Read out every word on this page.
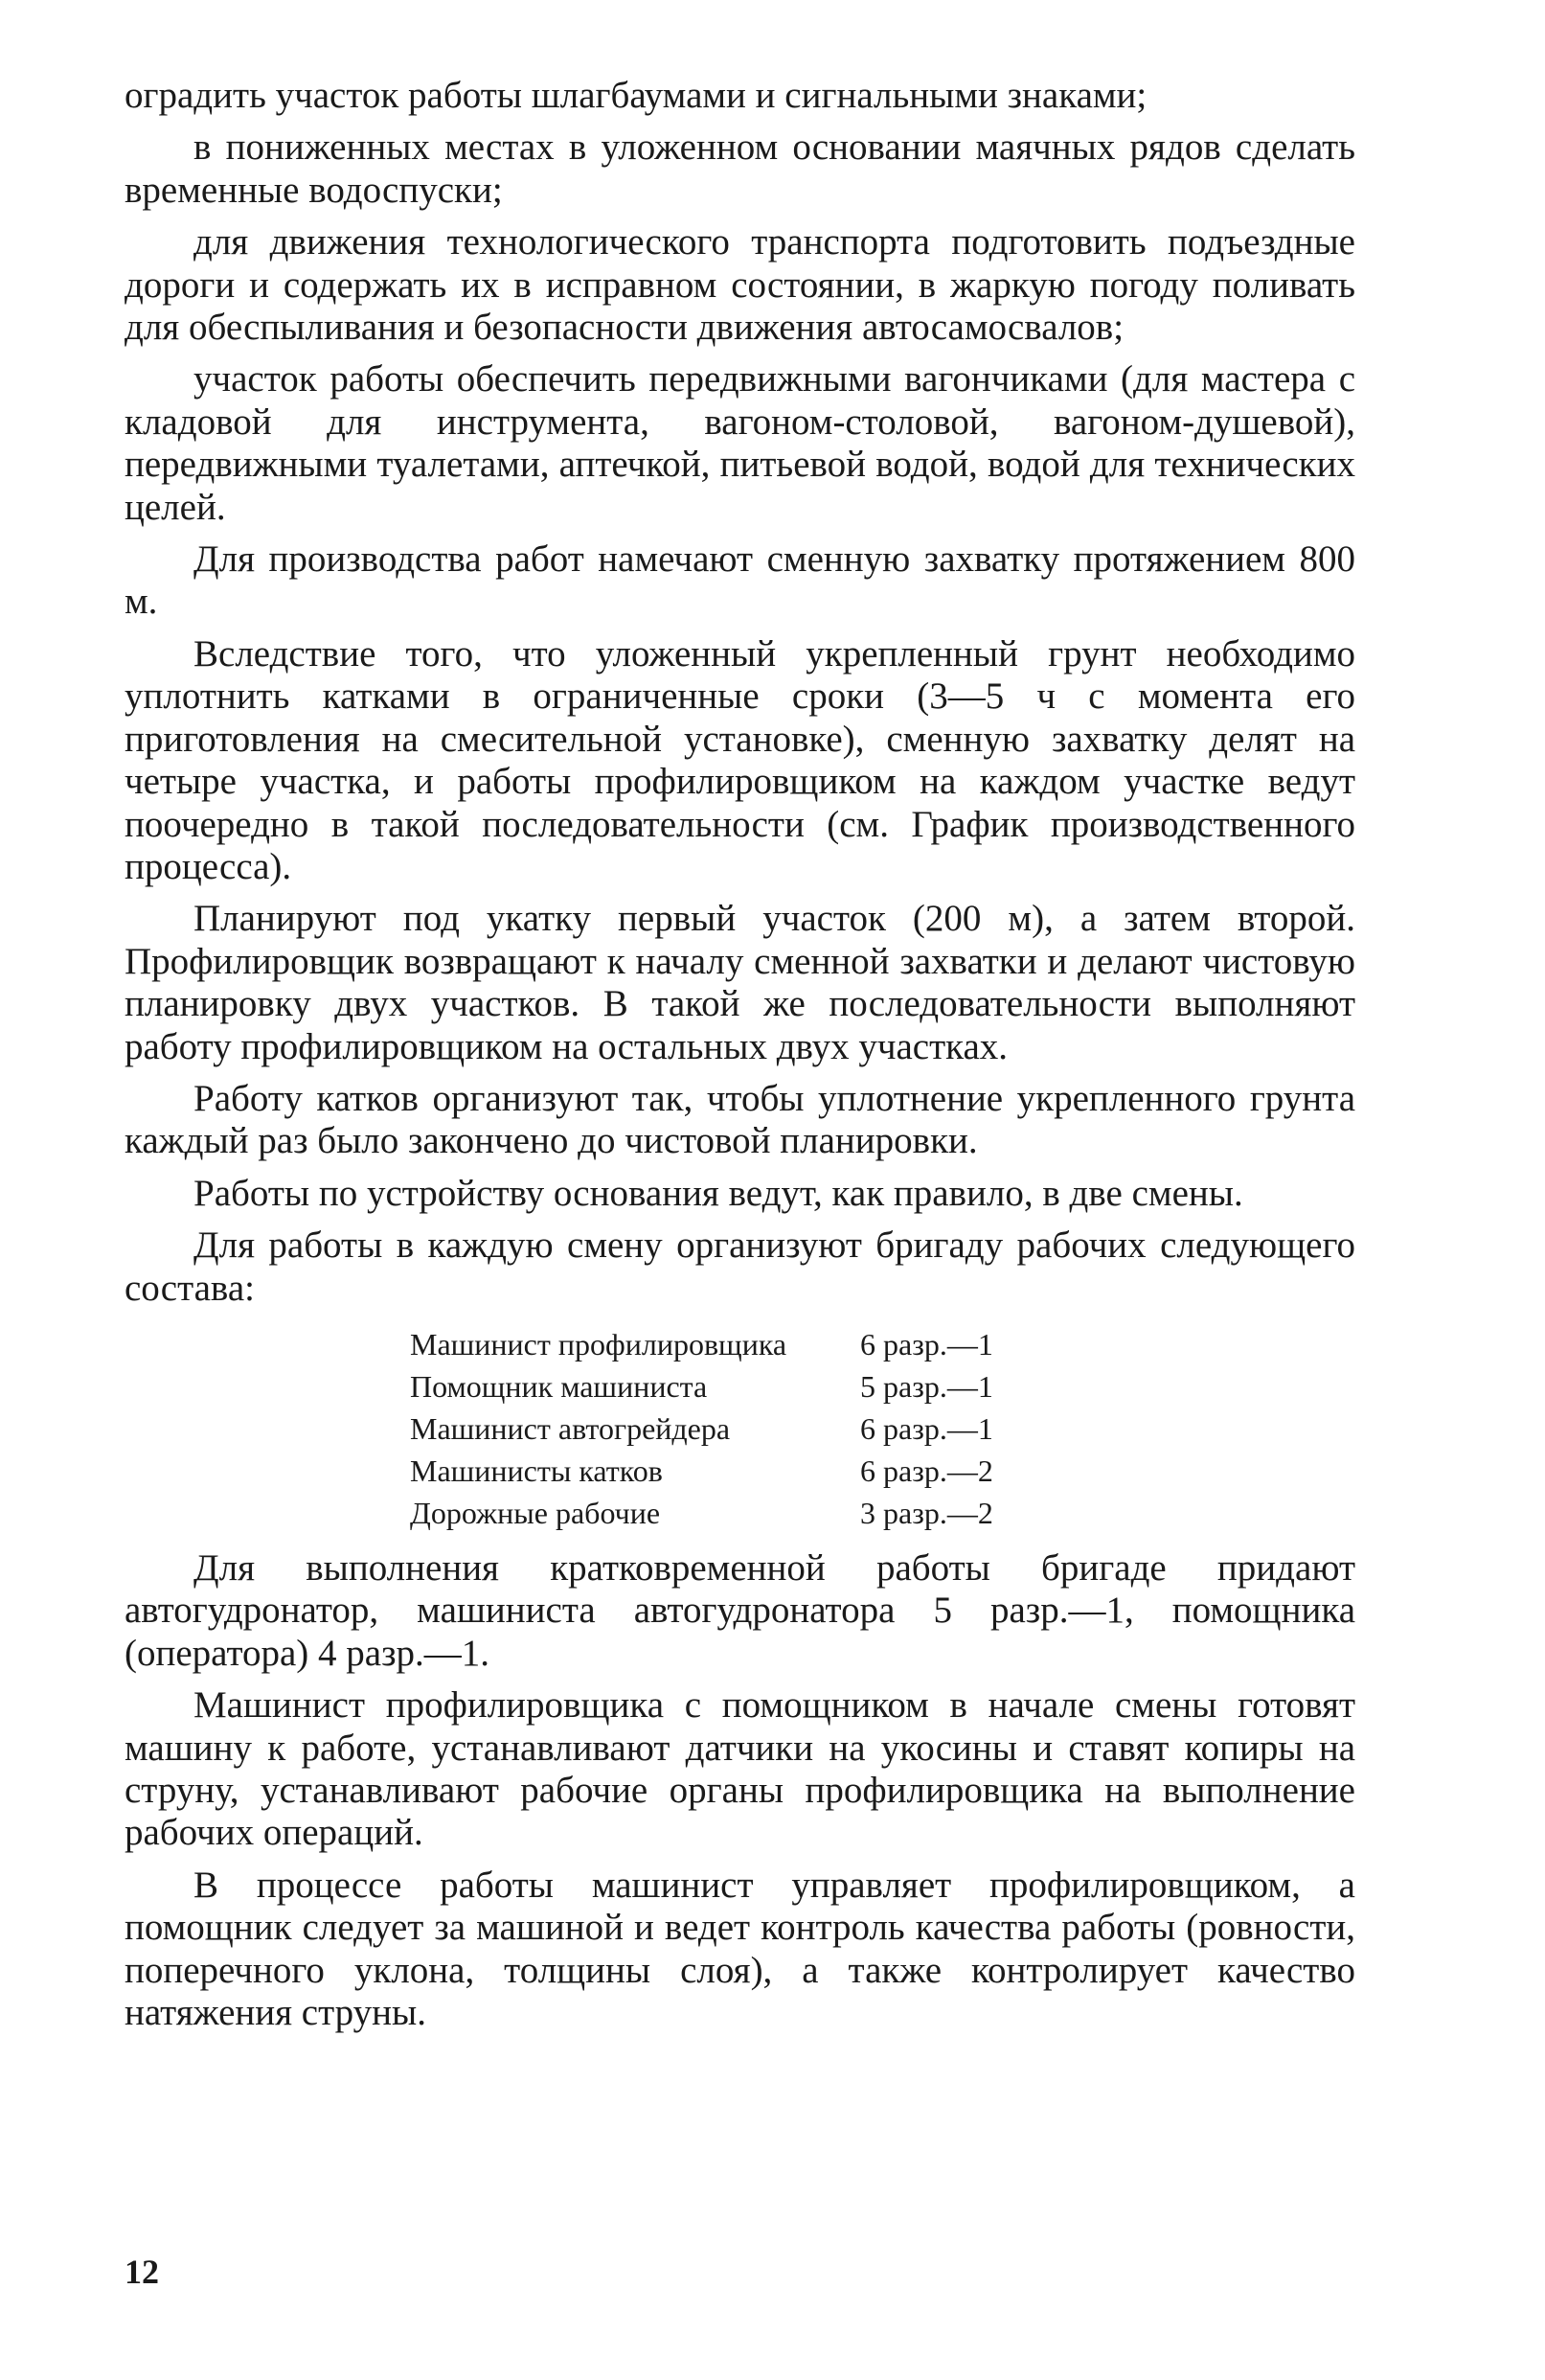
оградить участок работы шлагбаумами и сигнальными знаками;

в пониженных местах в уложенном основании маячных рядов сделать временные водоспуски;

для движения технологического транспорта подготовить подъездные дороги и содержать их в исправном состоянии, в жаркую погоду поливать для обеспыливания и безопасности движения автосамосвалов;

участок работы обеспечить передвижными вагончиками (для мастера с кладовой для инструмента, вагоном-столовой, вагоном-душевой), передвижными туалетами, аптечкой, питьевой водой, водой для технических целей.

Для производства работ намечают сменную захватку протяжением 800 м.

Вследствие того, что уложенный укрепленный грунт необходимо уплотнить катками в ограниченные сроки (3—5 ч с момента его приготовления на смесительной установке), сменную захватку делят на четыре участка, и работы профилировщиком на каждом участке ведут поочередно в такой последовательности (см. График производственного процесса).

Планируют под укатку первый участок (200 м), а затем второй. Профилировщик возвращают к началу сменной захватки и делают чистовую планировку двух участков. В такой же последовательности выполняют работу профилировщиком на остальных двух участках.

Работу катков организуют так, чтобы уплотнение укрепленного грунта каждый раз было закончено до чистовой планировки.

Работы по устройству основания ведут, как правило, в две смены.

Для работы в каждую смену организуют бригаду рабочих следующего состава:

Машинист профилировщика	6 разр.—1
Помощник машиниста	5 разр.—1
Машинист автогрейдера	6 разр.—1
Машинисты катков	6 разр.—2
Дорожные рабочие	3 разр.—2

Для выполнения кратковременной работы бригаде придают автогудронатор, машиниста автогудронатора 5 разр.—1, помощника (оператора) 4 разр.—1.

Машинист профилировщика с помощником в начале смены готовят машину к работе, устанавливают датчики на укосины и ставят копиры на струну, устанавливают рабочие органы профилировщика на выполнение рабочих операций.

В процессе работы машинист управляет профилировщиком, а помощник следует за машиной и ведет контроль качества работы (ровности, поперечного уклона, толщины слоя), а также контролирует качество натяжения струны.

12
